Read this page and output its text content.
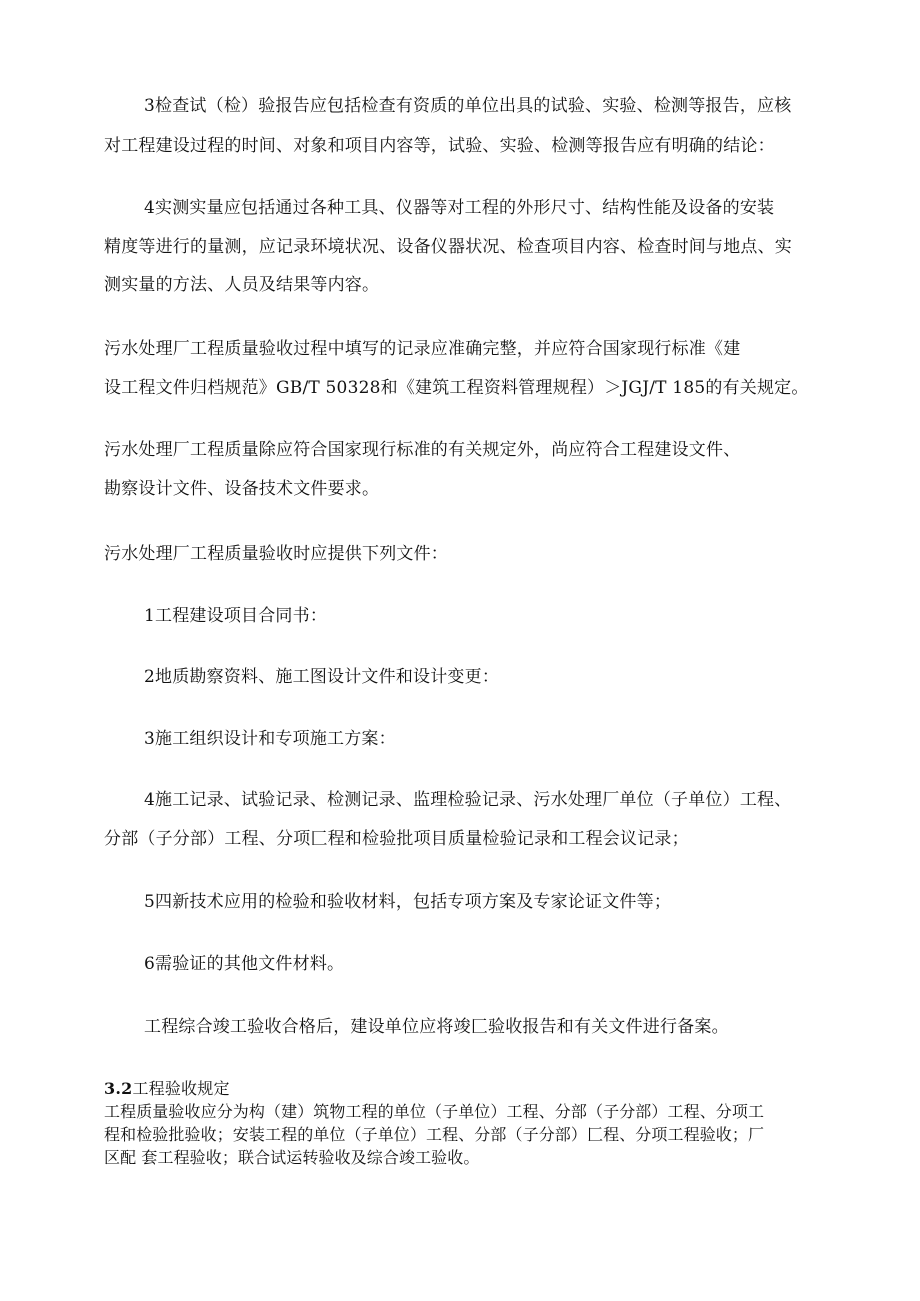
3检查试（检）验报告应包括检查有资质的单位出具的试验、实验、检测等报告，应核
对工程建设过程的时间、对象和项目内容等，试验、实验、检测等报告应有明确的结论：
4实测实量应包括通过各种工具、仪器等对工程的外形尺寸、结构性能及设备的安装
精度等进行的量测，应记录环境状况、设备仪器状况、检查项目内容、检查时间与地点、实
测实量的方法、人员及结果等内容。
污水处理厂工程质量验收过程中填写的记录应准确完整，并应符合国家现行标准《建
设工程文件归档规范》GB/T 50328和《建筑工程资料管理规程）＞JGJ/T 185的有关规定。
污水处理厂工程质量除应符合国家现行标准的有关规定外，尚应符合工程建设文件、
勘察设计文件、设备技术文件要求。
污水处理厂工程质量验收时应提供下列文件：
1工程建设项目合同书：
2地质勘察资料、施工图设计文件和设计变更：
3施工组织设计和专项施工方案：
4施工记录、试验记录、检测记录、监理检验记录、污水处理厂单位（子单位）工程、
分部（子分部）工程、分项匚程和检验批项目质量检验记录和工程会议记录；
5四新技术应用的检验和验收材料，包括专项方案及专家论证文件等；
6需验证的其他文件材料。
工程综合竣工验收合格后，建设单位应将竣匚验收报告和有关文件进行备案。
3.2工程验收规定
工程质量验收应分为构（建）筑物工程的单位（子单位）工程、分部（子分部）工程、分项工
程和检验批验收；安装工程的单位（子单位）工程、分部（子分部）匚程、分项工程验收；厂
区配 套工程验收；联合试运转验收及综合竣工验收。
